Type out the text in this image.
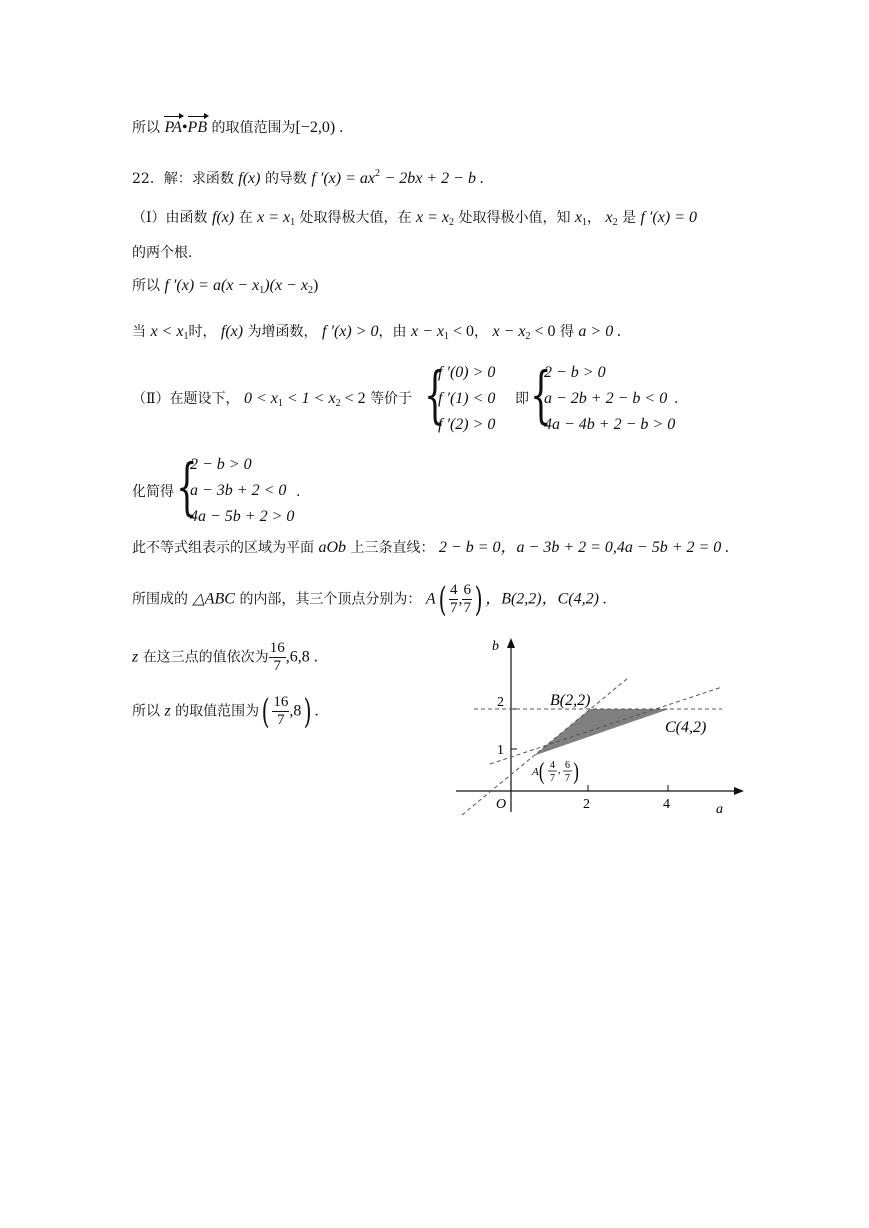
所以 PA•PB 的取值范围为[−2,0) .
22．解：求函数 f(x) 的导数 f $'(x) = ax^2 - 2bx + 2 - b$ .
（Ⅰ）由函数 f(x) 在 $x = x_1$ 处取得极大值，在 $x = x_2$ 处取得极小值，知 $x_1$， $x_2$ 是 f ′(x) = 0
的两个根.
所以 f $'(x) = a(x - x_1)(x - x_2)$
当 $x < x_1$时， f(x) 为增函数， f ′(x) > 0，由 $x - x_1 < 0$， $x - x_2 < 0$ 得 a > 0 .
（Ⅱ）在题设下， $0 < x_1 < 1 < x_2 < 2$ 等价于 {
f ′(0) > 0
f ′(1) < 0
f ′(2) > 0
即 {
2 − b > 0
a − 2b + 2 − b < 0
4a − 4b + 2 − b > 0
.
化简得 {
2 − b > 0
a − 3b + 2 < 0
4a − 5b + 2 > 0
.
此不等式组表示的区域为平面 aOb 上三条直线： 2 − b = 0，a − 3b + 2 = 0,4a − 5b + 2 = 0 .
所围成的 △ABC 的内部，其三个顶点分别为： $A( \frac{4}{7}$ , $\frac{6}{7}$ ) ，B(2,2)，C(4,2) .
z 在这三点的值依次为 $\frac{16}{7} ,6,8$ .
所以 z 的取值范围为( $\frac{16}{7} ,8$) .
b
a
O
1
2
2	4
B(2,2)
C(4,2)
A ( 4
7
, 6
7 )
